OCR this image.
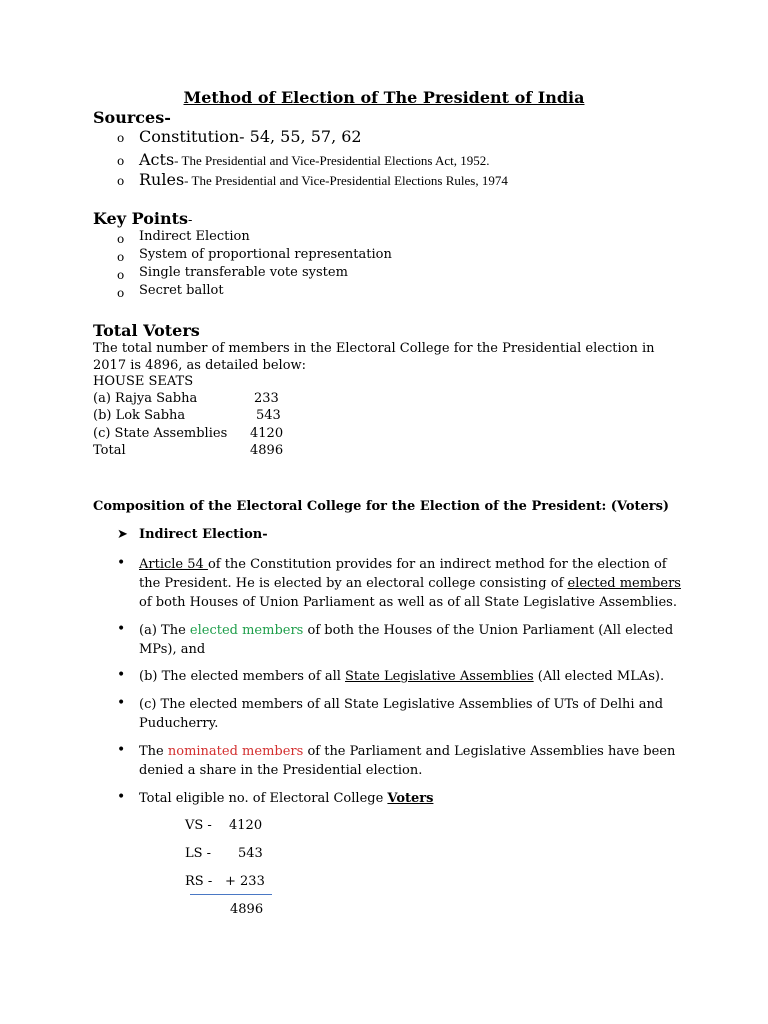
Method of Election of The President of India
Sources-
o Constitution- 54, 55, 57, 62
o Acts- The Presidential and Vice-Presidential Elections Act, 1952.
o Rules- The Presidential and Vice-Presidential Elections Rules, 1974
Key Points-
o Indirect Election
o System of proportional representation
o Single transferable vote system
o Secret ballot
Total Voters
The total number of members in the Electoral College for the Presidential election in
2017 is 4896, as detailed below:
HOUSE SEATS
(a) Rajya Sabha	233
(b) Lok Sabha	543
(c) State Assemblies 4120
Total	4896
Composition of the Electoral College for the Election of the President: (Voters)
➤ Indirect Election-
• Article 54 of the Constitution provides for an indirect method for the election of
the President. He is elected by an electoral college consisting of elected members
of both Houses of Union Parliament as well as of all State Legislative Assemblies.
• (a) The elected members of both the Houses of the Union Parliament (All elected
MPs), and
• (b) The elected members of all State Legislative Assemblies (All elected MLAs).
• (c) The elected members of all State Legislative Assemblies of UTs of Delhi and
Puducherry.
• The nominated members of the Parliament and Legislative Assemblies have been
denied a share in the Presidential election.
• Total eligible no. of Electoral College Voters
VS - 4120
LS - 543
RS - + 233
4896
